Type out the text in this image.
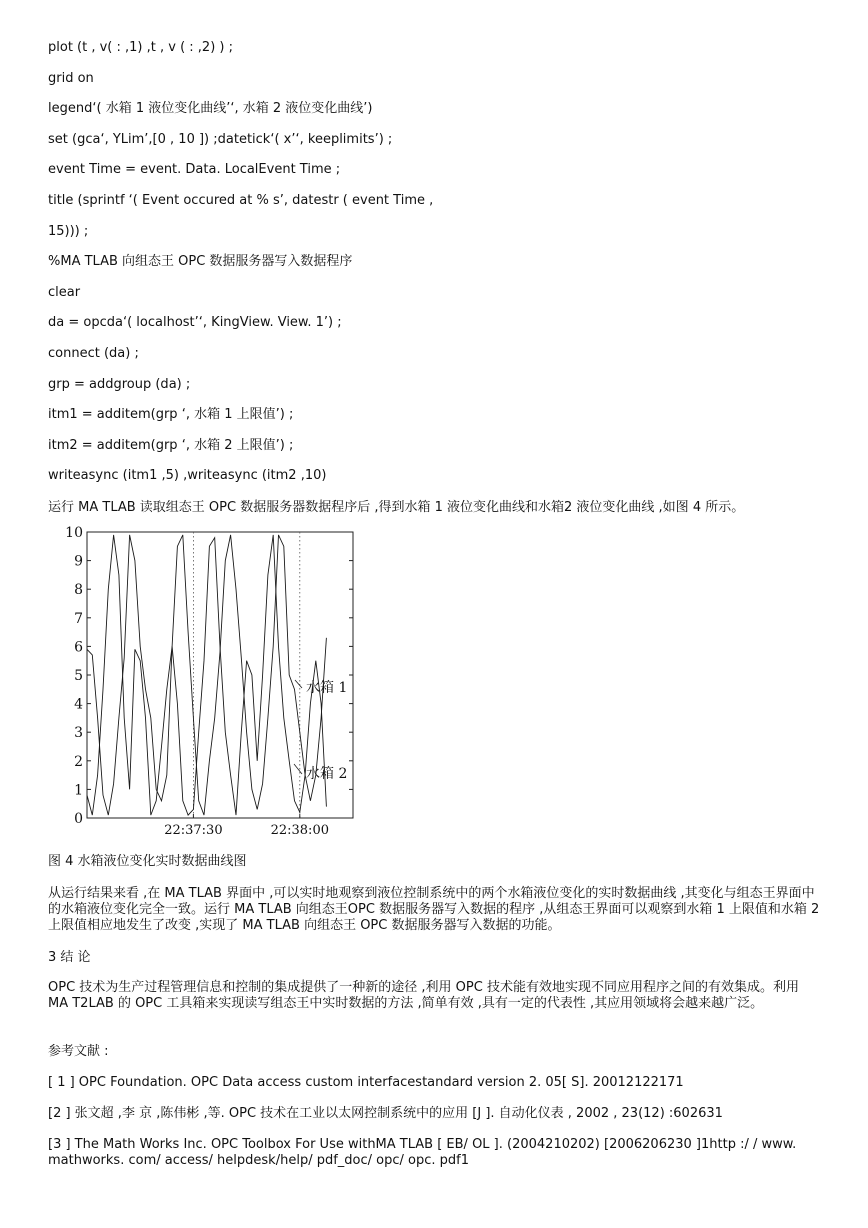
plot (t , v( : ,1) ,t , v ( : ,2) ) ;
grid on
legend‘( 水箱 1 液位变化曲线’‘, 水箱 2 液位变化曲线’)
set (gca‘, YLim’,[0 , 10 ]) ;datetick‘( x’‘, keeplimits’) ;
event Time = event. Data. LocalEvent Time ;
title (sprintf ‘( Event occured at % s’, datestr ( event Time ,
15))) ;
%MA TLAB 向组态王 OPC 数据服务器写入数据程序
clear
da = opcda‘( localhost’‘, KingView. View. 1’) ;
connect (da) ;
grp = addgroup (da) ;
itm1 = additem(grp ‘, 水箱 1 上限值’) ;
itm2 = additem(grp ‘, 水箱 2 上限值’) ;
writeasync (itm1 ,5) ,writeasync (itm2 ,10)
运行 MA TLAB 读取组态王 OPC 数据服务器数据程序后 ,得到水箱 1 液位变化曲线和水箱2 液位变化曲线 ,如图 4 所示。
0
1
2
3
4
5
6
7
8
9
10
22:37:30	22:38:00
水箱 1
水箱 2
图 4 水箱液位变化实时数据曲线图
从运行结果来看 ,在 MA TLAB 界面中 ,可以实时地观察到液位控制系统中的两个水箱液位变化的实时数据曲线 ,其变化与组态王界面中的水箱液位变化完全一致。运行 MA TLAB 向组态王OPC 数据服务器写入数据的程序 ,从组态王界面可以观察到水箱 1 上限值和水箱 2 上限值相应地发生了改变 ,实现了 MA TLAB 向组态王 OPC 数据服务器写入数据的功能。
3 结 论
OPC 技术为生产过程管理信息和控制的集成提供了一种新的途径 ,利用 OPC 技术能有效地实现不同应用程序之间的有效集成。利用 MA T2LAB 的 OPC 工具箱来实现读写组态王中实时数据的方法 ,简单有效 ,具有一定的代表性 ,其应用领域将会越来越广泛。
参考文献 :
[ 1 ] OPC Foundation. OPC Data access custom interfacestandard version 2. 05[ S]. 20012122171
[2 ] 张文超 ,李 京 ,陈伟彬 ,等. OPC 技术在工业以太网控制系统中的应用 [J ]. 自动化仪表 , 2002 , 23(12) :602631
[3 ] The Math Works Inc. OPC Toolbox For Use withMA TLAB [ EB/ OL ]. (2004210202) [2006206230 ]1http :/ / www. mathworks. com/ access/ helpdesk/help/ pdf_doc/ opc/ opc. pdf1
